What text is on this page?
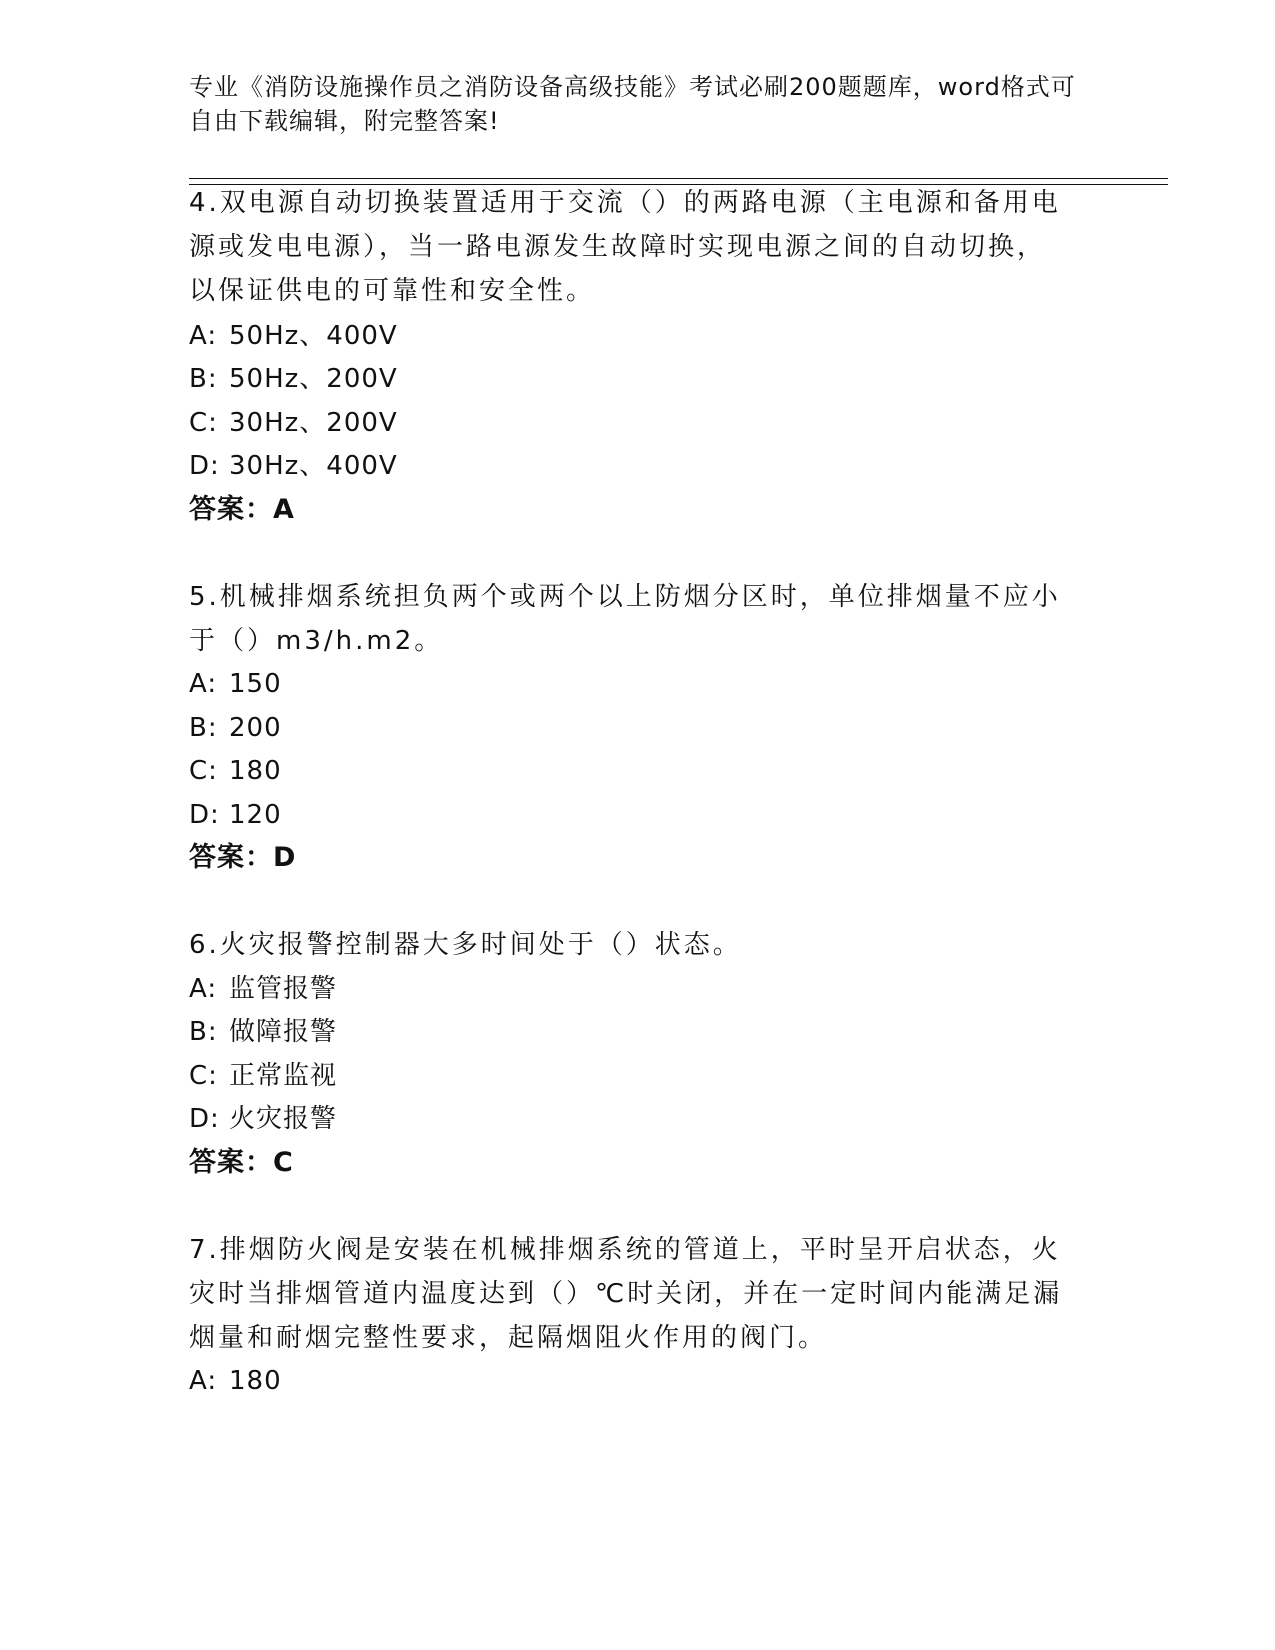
专业《消防设施操作员之消防设备高级技能》考试必刷200题题库，word格式可
自由下载编辑，附完整答案!
4.双电源自动切换装置适用于交流（）的两路电源（主电源和备用电
源或发电电源），当一路电源发生故障时实现电源之间的自动切换，
以保证供电的可靠性和安全性。
A: 50Hz、400V
B: 50Hz、200V
C: 30Hz、200V
D: 30Hz、400V
答案：A
5.机械排烟系统担负两个或两个以上防烟分区时，单位排烟量不应小
于（）m3/h.m2。
A: 150
B: 200
C: 180
D: 120
答案：D
6.火灾报警控制器大多时间处于（）状态。
A: 监管报警
B: 做障报警
C: 正常监视
D: 火灾报警
答案：C
7.排烟防火阀是安装在机械排烟系统的管道上，平时呈开启状态，火
灾时当排烟管道内温度达到（）℃时关闭，并在一定时间内能满足漏
烟量和耐烟完整性要求，起隔烟阻火作用的阀门。
A: 180
